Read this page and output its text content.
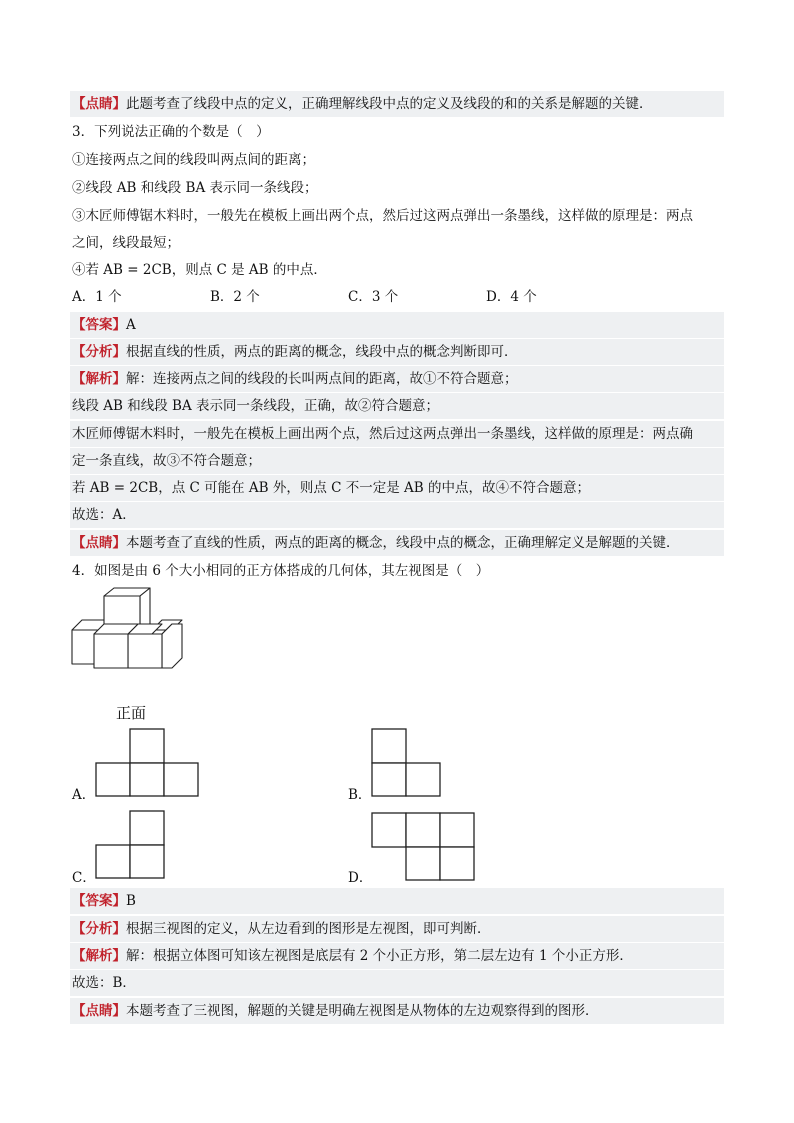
【点睛】此题考查了线段中点的定义，正确理解线段中点的定义及线段的和的关系是解题的关键．
3．下列说法正确的个数是（　）
①连接两点之间的线段叫两点间的距离；
②线段 AB 和线段 BA 表示同一条线段；
③木匠师傅锯木料时，一般先在模板上画出两个点，然后过这两点弹出一条墨线，这样做的原理是：两点
之间，线段最短；
④若 AB = 2CB，则点 C 是 AB 的中点．
A．1 个	B．2 个	C．3 个	D．4 个
【答案】A
【分析】根据直线的性质，两点的距离的概念，线段中点的概念判断即可．
【解析】解：连接两点之间的线段的长叫两点间的距离，故①不符合题意；
线段 AB 和线段 BA 表示同一条线段，正确，故②符合题意；
木匠师傅锯木料时，一般先在模板上画出两个点，然后过这两点弹出一条墨线，这样做的原理是：两点确
定一条直线，故③不符合题意；
若 AB = 2CB，点 C 可能在 AB 外，则点 C 不一定是 AB 的中点，故④不符合题意；
故选：A．
【点睛】本题考查了直线的性质，两点的距离的概念，线段中点的概念，正确理解定义是解题的关键．
4．如图是由 6 个大小相同的正方体搭成的几何体，其左视图是（　）
正面
A．	B．
C．	D．
【答案】B
【分析】根据三视图的定义，从左边看到的图形是左视图，即可判断．
【解析】解：根据立体图可知该左视图是底层有 2 个小正方形，第二层左边有 1 个小正方形．
故选：B．
【点睛】本题考查了三视图，解题的关键是明确左视图是从物体的左边观察得到的图形．
